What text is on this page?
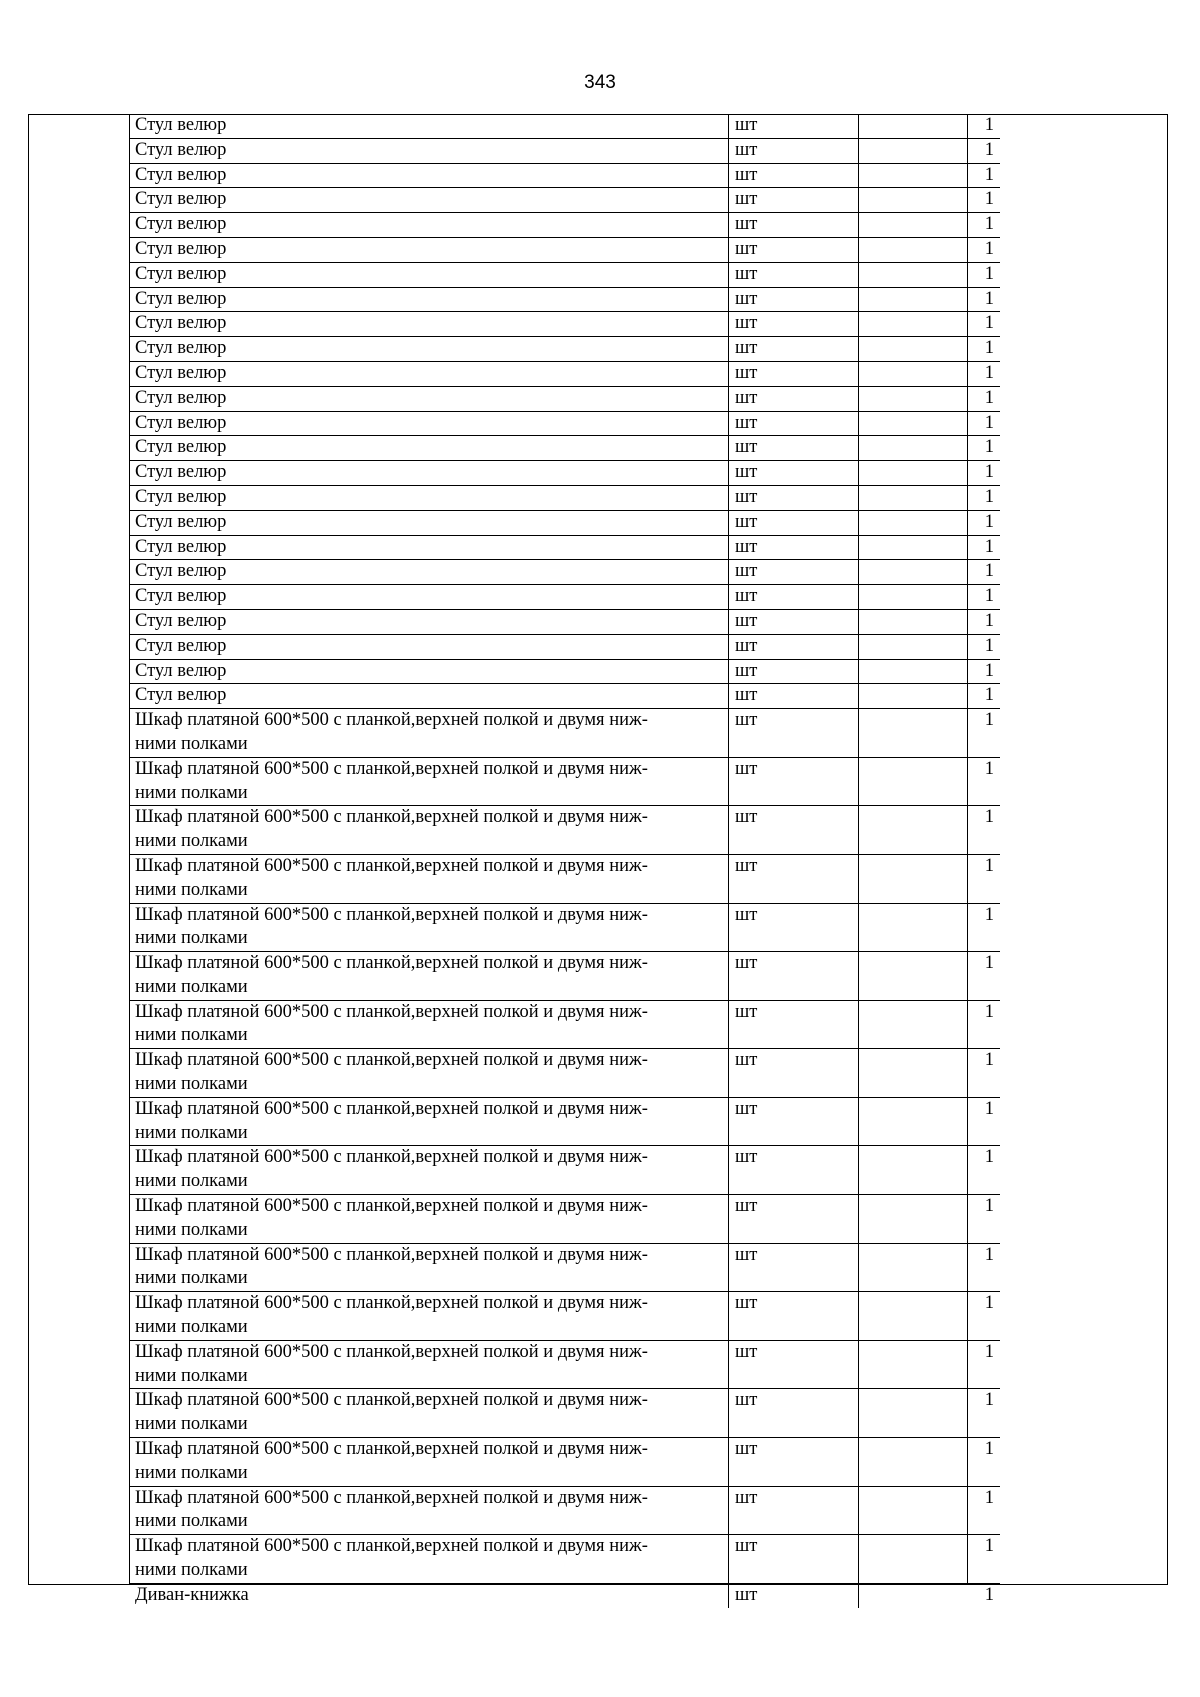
343
Стул велюр	шт	1

Стул велюр	шт	1

Стул велюр	шт	1

Стул велюр	шт	1

Стул велюр	шт	1

Стул велюр	шт	1

Стул велюр	шт	1

Стул велюр	шт	1

Стул велюр	шт	1

Стул велюр	шт	1

Стул велюр	шт	1

Стул велюр	шт	1

Стул велюр	шт	1

Стул велюр	шт	1

Стул велюр	шт	1

Стул велюр	шт	1

Стул велюр	шт	1

Стул велюр	шт	1

Стул велюр	шт	1

Стул велюр	шт	1

Стул велюр	шт	1

Стул велюр	шт	1

Стул велюр	шт	1

Стул велюр	шт	1

Шкаф платяной 600*500 с планкой,верхней полкой и двумя ниж-
ними полками	шт	1

Шкаф платяной 600*500 с планкой,верхней полкой и двумя ниж-
ними полками	шт	1

Шкаф платяной 600*500 с планкой,верхней полкой и двумя ниж-
ними полками	шт	1

Шкаф платяной 600*500 с планкой,верхней полкой и двумя ниж-
ними полками	шт	1

Шкаф платяной 600*500 с планкой,верхней полкой и двумя ниж-
ними полками	шт	1

Шкаф платяной 600*500 с планкой,верхней полкой и двумя ниж-
ними полками	шт	1

Шкаф платяной 600*500 с планкой,верхней полкой и двумя ниж-
ними полками	шт	1

Шкаф платяной 600*500 с планкой,верхней полкой и двумя ниж-
ними полками	шт	1

Шкаф платяной 600*500 с планкой,верхней полкой и двумя ниж-
ними полками	шт	1

Шкаф платяной 600*500 с планкой,верхней полкой и двумя ниж-
ними полками	шт	1

Шкаф платяной 600*500 с планкой,верхней полкой и двумя ниж-
ними полками	шт	1

Шкаф платяной 600*500 с планкой,верхней полкой и двумя ниж-
ними полками	шт	1

Шкаф платяной 600*500 с планкой,верхней полкой и двумя ниж-
ними полками	шт	1

Шкаф платяной 600*500 с планкой,верхней полкой и двумя ниж-
ними полками	шт	1

Шкаф платяной 600*500 с планкой,верхней полкой и двумя ниж-
ними полками	шт	1

Шкаф платяной 600*500 с планкой,верхней полкой и двумя ниж-
ними полками	шт	1

Шкаф платяной 600*500 с планкой,верхней полкой и двумя ниж-
ними полками	шт	1

Шкаф платяной 600*500 с планкой,верхней полкой и двумя ниж-
ними полками	шт	1

Диван-книжка	шт	1
